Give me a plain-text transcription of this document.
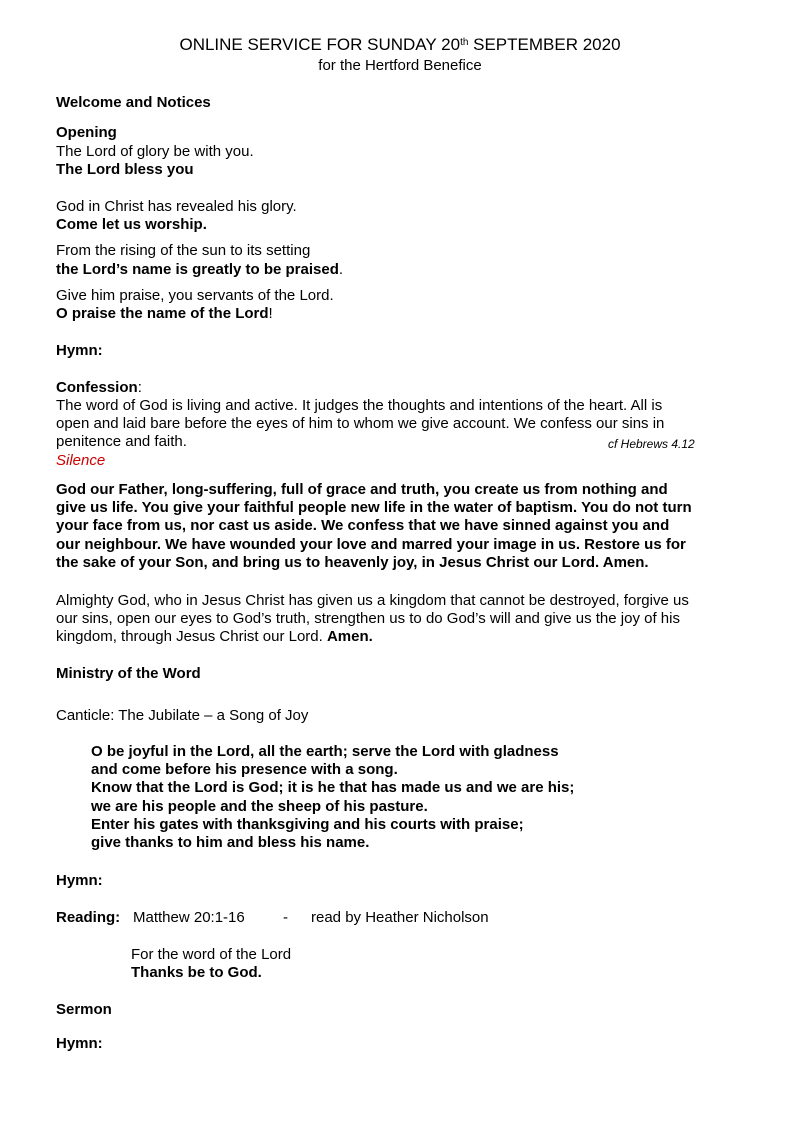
ONLINE SERVICE FOR SUNDAY 20th SEPTEMBER 2020
for the Hertford Benefice
Welcome and Notices
Opening
The Lord of glory be with you.
The Lord bless you
God in Christ has revealed his glory.
Come let us worship.
From the rising of the sun to its setting
the Lord’s name is greatly to be praised.
Give him praise, you servants of the Lord.
O praise the name of the Lord!
Hymn:
Confession:
The word of God is living and active. It judges the thoughts and intentions of the heart. All is
open and laid bare before the eyes of him to whom we give account. We confess our sins in
penitence and faith.	cf Hebrews 4.12
Silence
God our Father, long-suffering, full of grace and truth, you create us from nothing and
give us life. You give your faithful people new life in the water of baptism. You do not turn
your face from us, nor cast us aside. We confess that we have sinned against you and
our neighbour. We have wounded your love and marred your image in us. Restore us for
the sake of your Son, and bring us to heavenly joy, in Jesus Christ our Lord. Amen.
Almighty God, who in Jesus Christ has given us a kingdom that cannot be destroyed, forgive us
our sins, open our eyes to God’s truth, strengthen us to do God’s will and give us the joy of his
kingdom, through Jesus Christ our Lord. Amen.
Ministry of the Word
Canticle: The Jubilate – a Song of Joy
O be joyful in the Lord, all the earth; serve the Lord with gladness
and come before his presence with a song.
Know that the Lord is God; it is he that has made us and we are his;
we are his people and the sheep of his pasture.
Enter his gates with thanksgiving and his courts with praise;
give thanks to him and bless his name.
Hymn:
Reading: Matthew 20:1-16	- read by Heather Nicholson
For the word of the Lord
Thanks be to God.
Sermon
Hymn:
